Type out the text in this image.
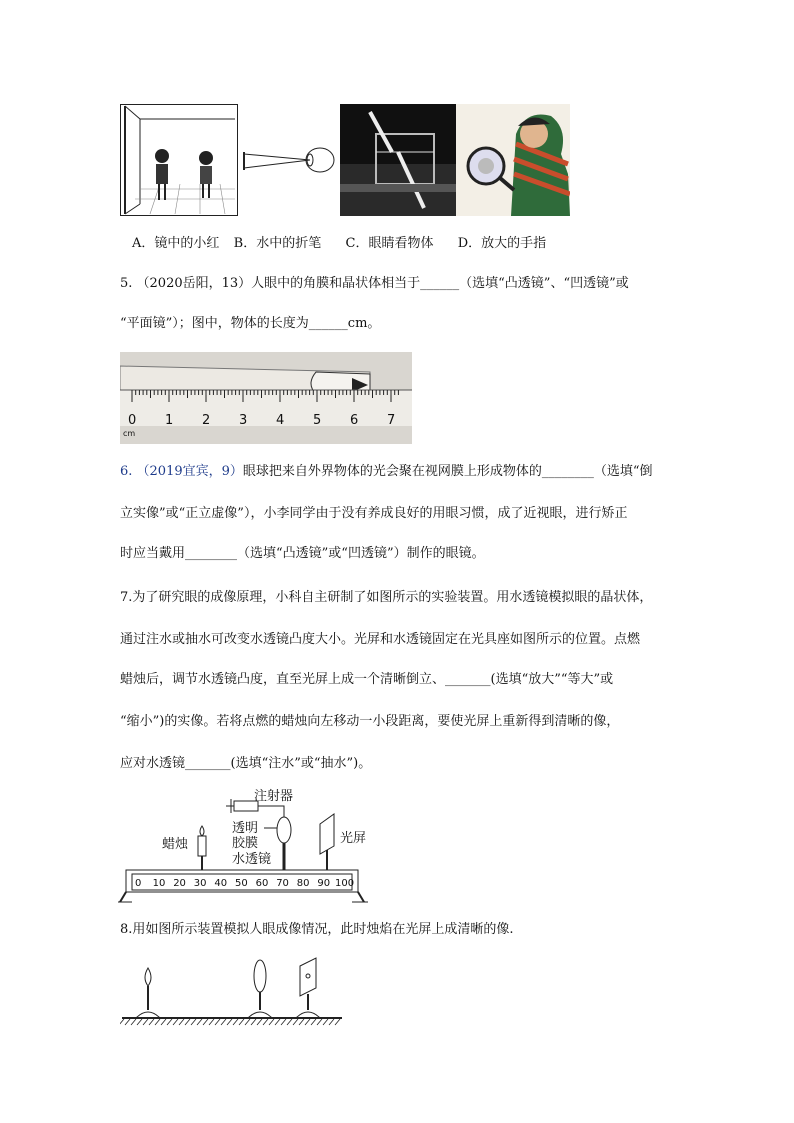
A．镜中的小红 B．水中的折笔 C．眼睛看物体 D．放大的手指
5. （2020岳阳，13）人眼中的角膜和晶状体相当于______（选填“凸透镜”、“凹透镜”或
“平面镜”）；图中，物体的长度为______cm。
0 1 2 3 4 5 6 7
cm
6. （2019宜宾，9）眼球把来自外界物体的光会聚在视网膜上形成物体的________（选填“倒
立实像”或“正立虚像”），小李同学由于没有养成良好的用眼习惯，成了近视眼，进行矫正
时应当戴用________（选填“凸透镜”或“凹透镜”）制作的眼镜。
7.为了研究眼的成像原理，小科自主研制了如图所示的实验装置。用水透镜模拟眼的晶状体，
通过注水或抽水可改变水透镜凸度大小。光屏和水透镜固定在光具座如图所示的位置。点燃
蜡烛后，调节水透镜凸度，直至光屏上成一个清晰倒立、_______(选填“放大”“等大”或
“缩小”)的实像。若将点燃的蜡烛向左移动一小段距离，要使光屏上重新得到清晰的像，
应对水透镜_______(选填“注水”或“抽水”)。
注射器
透明
胶膜
水透镜
蜡烛	光屏
0 10 20 30 40 50 60 70 80 90 100
8.用如图所示装置模拟人眼成像情况，此时烛焰在光屏上成清晰的像.
